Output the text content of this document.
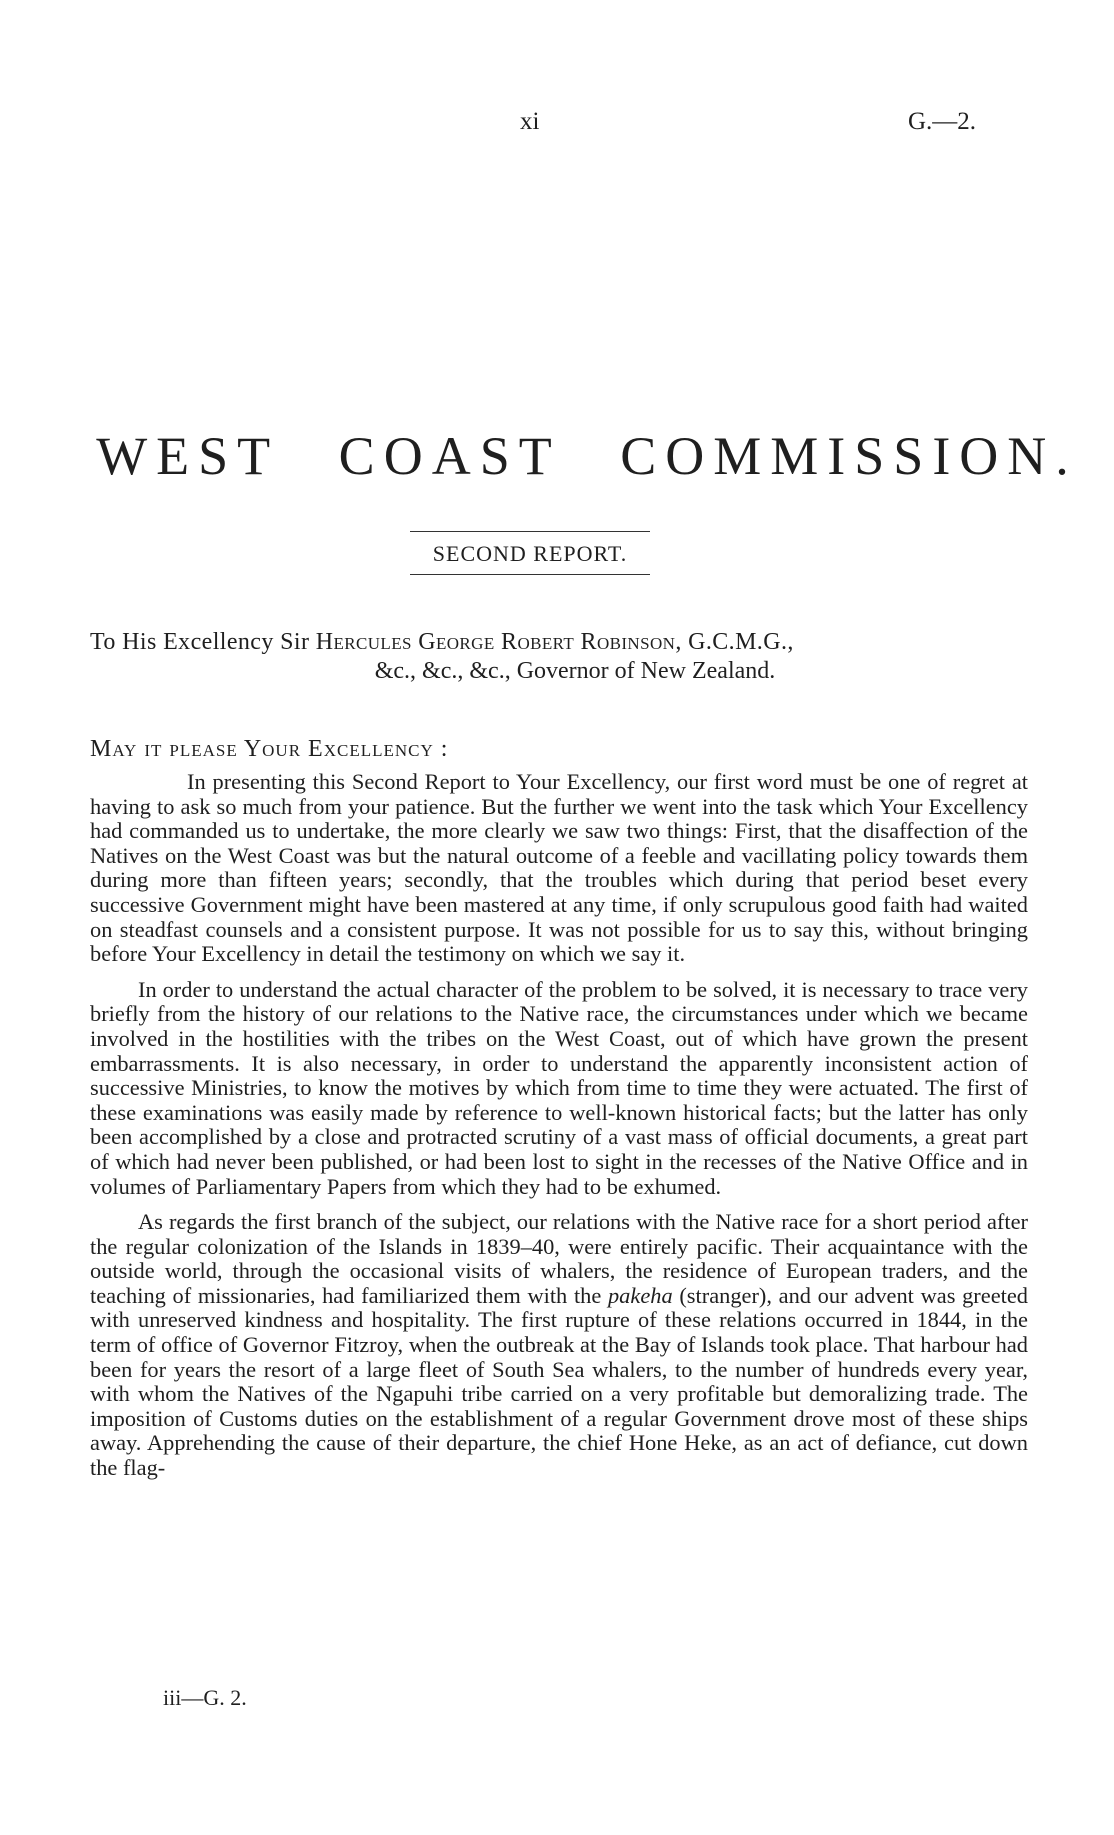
xi	G.—2.
WEST COAST COMMISSION.
SECOND REPORT.
To His Excellency Sir Hercules George Robert Robinson, G.C.M.G.,
&c., &c., &c., Governor of New Zealand.
May it please Your Excellency :

In presenting this Second Report to Your Excellency, our first word must be one of regret at having to ask so much from your patience. But the further we went into the task which Your Excellency had commanded us to undertake, the more clearly we saw two things: First, that the disaffection of the Natives on the West Coast was but the natural outcome of a feeble and vacillating policy towards them during more than fifteen years; secondly, that the troubles which during that period beset every successive Government might have been mastered at any time, if only scrupulous good faith had waited on steadfast counsels and a consistent purpose. It was not possible for us to say this, without bringing before Your Excellency in detail the testimony on which we say it.

In order to understand the actual character of the problem to be solved, it is necessary to trace very briefly from the history of our relations to the Native race, the circumstances under which we became involved in the hostilities with the tribes on the West Coast, out of which have grown the present embarrassments. It is also necessary, in order to understand the apparently inconsistent action of successive Ministries, to know the motives by which from time to time they were actuated. The first of these examinations was easily made by reference to well-known historical facts; but the latter has only been accomplished by a close and protracted scrutiny of a vast mass of official documents, a great part of which had never been published, or had been lost to sight in the recesses of the Native Office and in volumes of Parliamentary Papers from which they had to be exhumed.

As regards the first branch of the subject, our relations with the Native race for a short period after the regular colonization of the Islands in 1839–40, were entirely pacific. Their acquaintance with the outside world, through the occasional visits of whalers, the residence of European traders, and the teaching of missionaries, had familiarized them with the pakeha (stranger), and our advent was greeted with unreserved kindness and hospitality. The first rupture of these relations occurred in 1844, in the term of office of Governor Fitzroy, when the outbreak at the Bay of Islands took place. That harbour had been for years the resort of a large fleet of South Sea whalers, to the number of hundreds every year, with whom the Natives of the Ngapuhi tribe carried on a very profitable but demoralizing trade. The imposition of Customs duties on the establishment of a regular Government drove most of these ships away. Apprehending the cause of their departure, the chief Hone Heke, as an act of defiance, cut down the flag-

iii—G. 2.
